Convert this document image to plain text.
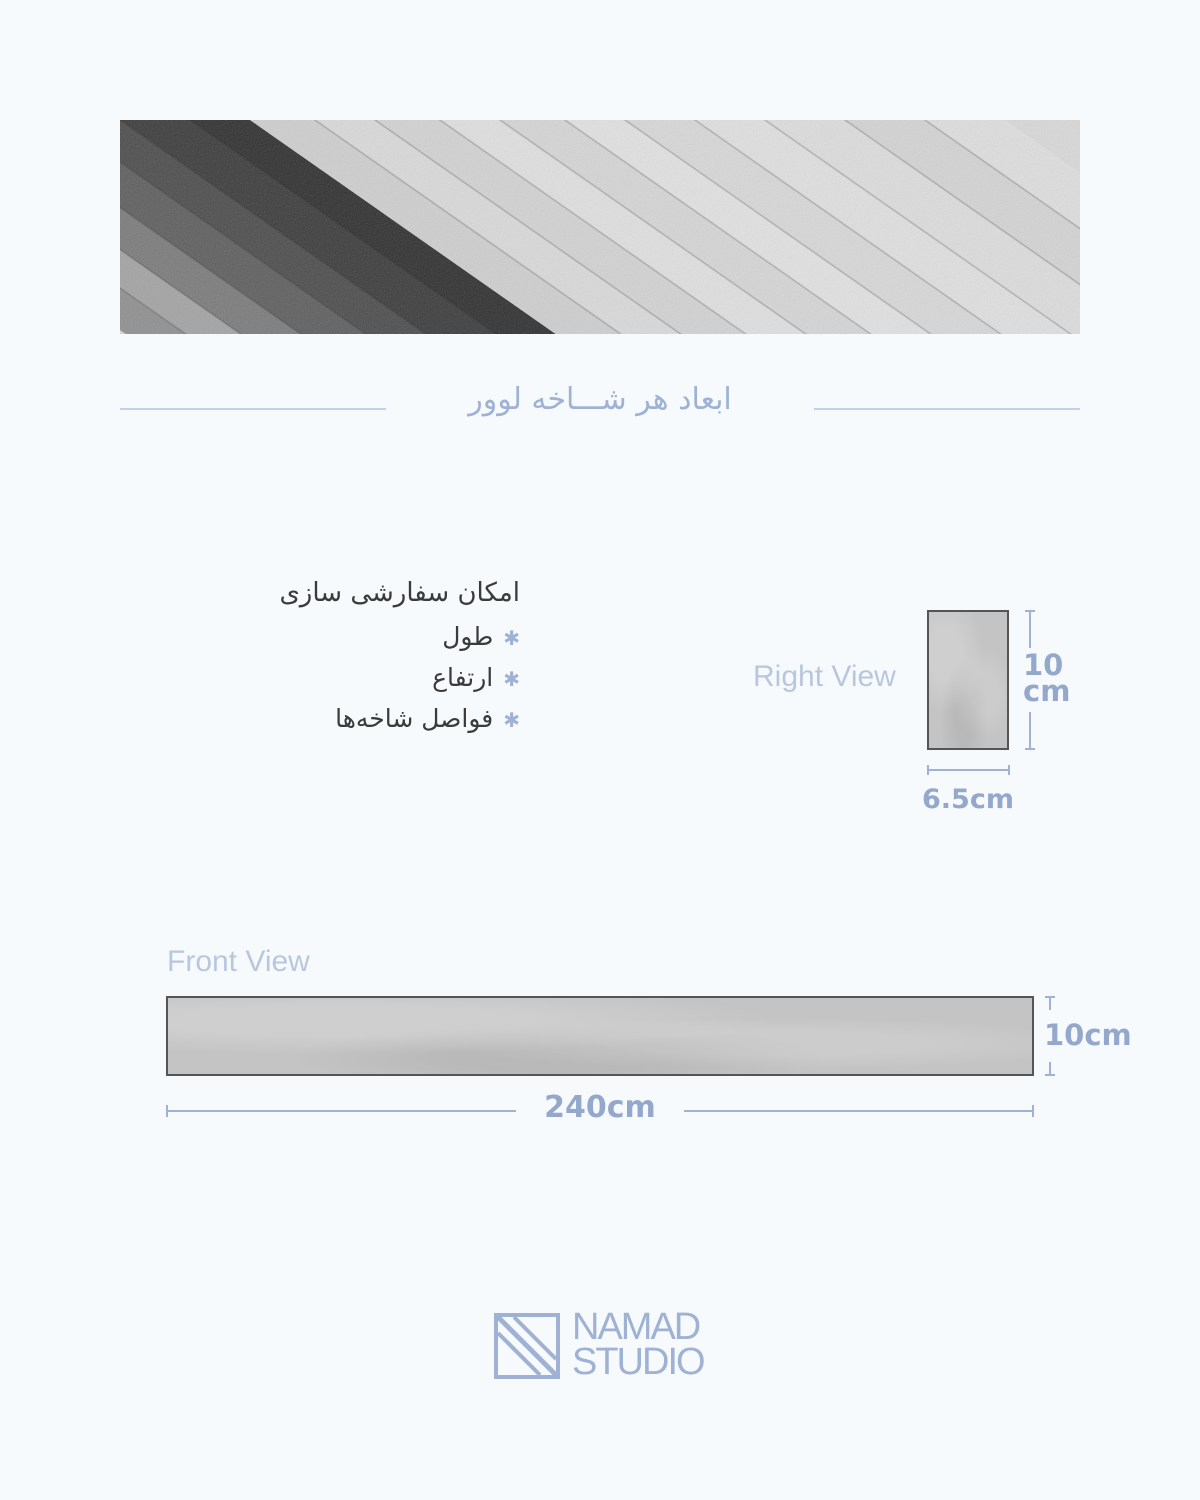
ابعاد هر شـــاخه لوور
امکان سفارشی سازی
✱طول
✱ارتفاع
✱فواصل شاخه‌ها
Right View	10
cm
6.5cm
Front View
10cm
240cm
NAMAD
STUDIO
